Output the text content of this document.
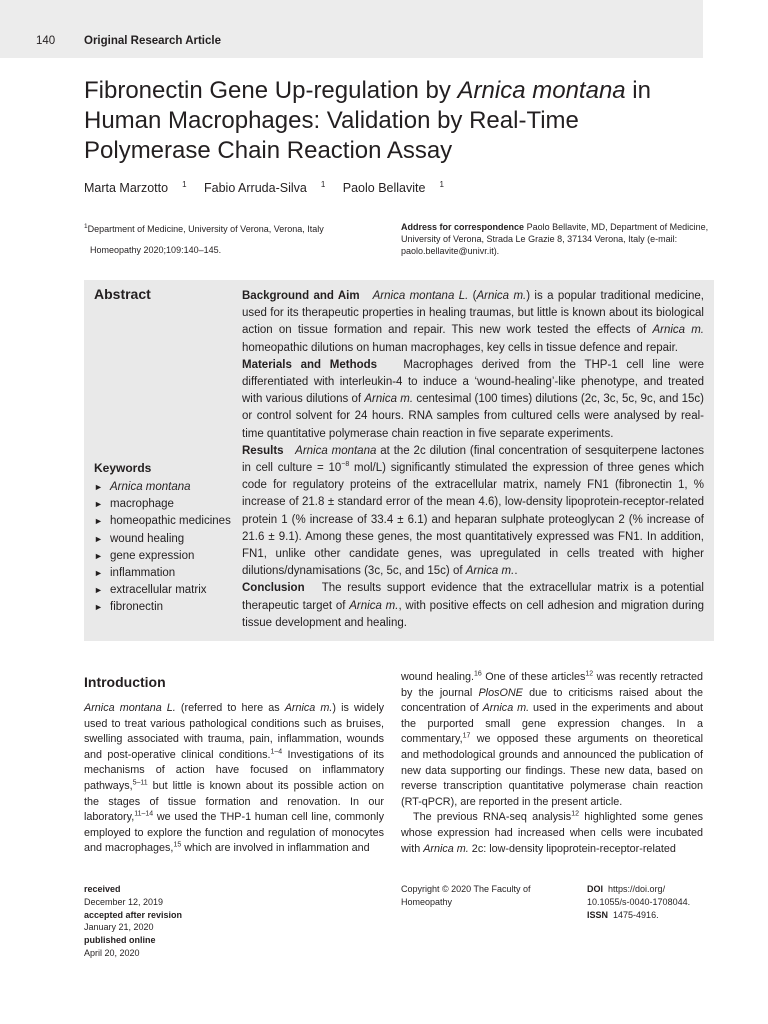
140	Original Research Article
Fibronectin Gene Up-regulation by Arnica montana in Human Macrophages: Validation by Real-Time Polymerase Chain Reaction Assay
Marta Marzotto $^1$ Fabio Arruda-Silva $^1$ Paolo Bellavite $^1$
$^1$Department of Medicine, University of Verona, Verona, Italy
Homeopathy 2020;109:140–145.
Address for correspondence Paolo Bellavite, MD, Department of Medicine, University of Verona, Strada Le Grazie 8, 37134 Verona, Italy (e-mail: paolo.bellavite@univr.it).
Abstract
Keywords
► Arnica montana
► macrophage
► homeopathic medicines
► wound healing
► gene expression
► inflammation
► extracellular matrix
► fibronectin

Background and Aim Arnica montana L. (Arnica m.) is a popular traditional medicine, used for its therapeutic properties in healing traumas, but little is known about its biological action on tissue formation and repair. This new work tested the effects of Arnica m. homeopathic dilutions on human macrophages, key cells in tissue defence and repair.

Materials and Methods Macrophages derived from the THP-1 cell line were differentiated with interleukin-4 to induce a ‘wound-healing’-like phenotype, and treated with various dilutions of Arnica m. centesimal (100 times) dilutions (2c, 3c, 5c, 9c, and 15c) or control solvent for 24 hours. RNA samples from cultured cells were analysed by real-time quantitative polymerase chain reaction in five separate experiments.

Results Arnica montana at the 2c dilution (final concentration of sesquiterpene lactones in cell culture = $10^{-8}$ mol/L) significantly stimulated the expression of three genes which code for regulatory proteins of the extracellular matrix, namely FN1 (fibronectin 1, % increase of 21.8 ± standard error of the mean 4.6), low-density lipoprotein-receptor-related protein 1 (% increase of 33.4 ± 6.1) and heparan sulphate proteoglycan 2 (% increase of 21.6 ± 9.1). Among these genes, the most quantitatively expressed was FN1. In addition, FN1, unlike other candidate genes, was upregulated in cells treated with higher dilutions/dynamisations (3c, 5c, and 15c) of Arnica m..

Conclusion The results support evidence that the extracellular matrix is a potential therapeutic target of Arnica m., with positive effects on cell adhesion and migration during tissue development and healing.

Introduction

Arnica montana L. (referred to here as Arnica m.) is widely used to treat various pathological conditions such as bruises, swelling associated with trauma, pain, inflammation, wounds and post-operative clinical conditions.$^{1-4}$ Investigations of its mechanisms of action have focused on inflammatory pathways,$^{5-11}$ but little is known about its possible action on the stages of tissue formation and renovation. In our laboratory,$^{11-14}$ we used the THP-1 human cell line, commonly employed to explore the function and regulation of monocytes and macrophages,$^{15}$ which are involved in inflammation and

wound healing.$^{16}$ One of these articles$^{12}$ was recently retracted by the journal PlosONE due to criticisms raised about the concentration of Arnica m. used in the experiments and about the purported small gene expression changes. In a commentary,$^{17}$ we opposed these arguments on theoretical and methodological grounds and announced the publication of new data supporting our findings. These new data, based on reverse transcription quantitative polymerase chain reaction (RT-qPCR), are reported in the present article.

The previous RNA-seq analysis$^{12}$ highlighted some genes whose expression had increased when cells were incubated with Arnica m. 2c: low-density lipoprotein-receptor-related

received
December 12, 2019
accepted after revision
January 21, 2020
published online
April 20, 2020
Copyright © 2020 The Faculty of Homeopathy
DOI https://doi.org/ 10.1055/s-0040-1708044.
ISSN 1475-4916.
